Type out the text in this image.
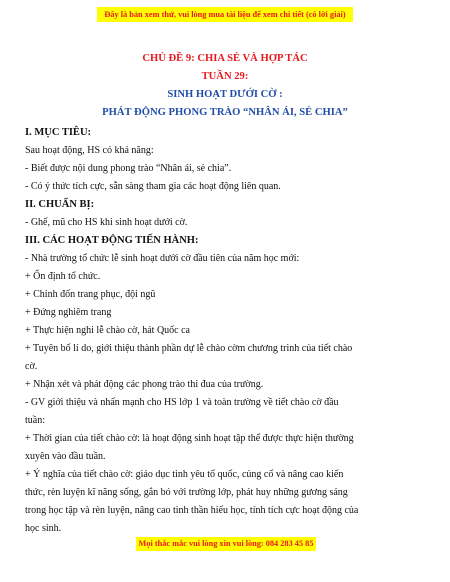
Đây là bản xem thử, vui lòng mua tài liệu để xem chi tiết (có lời giải)
CHỦ ĐỀ 9: CHIA SẺ VÀ HỢP TÁC
TUẦN 29:
SINH HOẠT DƯỚI CỜ :
PHÁT ĐỘNG PHONG TRÀO “NHÂN ÁI, SẺ CHIA”
I. MỤC TIÊU:
Sau hoạt động, HS có khả năng:
- Biết được nội dung phong trào “Nhân ái, sẻ chia”.
- Có ý thức tích cực, sẵn sàng tham gia các hoạt động liên quan.
II. CHUẨN BỊ:
- Ghế, mũ cho HS khi sinh hoạt dưới cờ.
III. CÁC HOẠT ĐỘNG TIẾN HÀNH:
- Nhà trường tổ chức lễ sinh hoạt dưới cờ đầu tiên của năm học mới:
+ Ổn định tổ chức.
+ Chỉnh đốn trang phục, đội ngũ
+ Đứng nghiêm trang
+ Thực hiện nghi lễ chào cờ, hát Quốc ca
+ Tuyên bố lí do, giới thiệu thành phần dự lễ chào cờm chương trình của tiết chào
cờ.
+ Nhận xét và phát động các phong trào thi đua của trường.
- GV giới thiệu và nhấn mạnh cho HS lớp 1 và toàn trường về tiết chào cờ đầu
tuần:
+ Thời gian của tiết chào cờ: là hoạt động sinh hoạt tập thể được thực hiện thường
xuyên vào đầu tuần.
+ Ý nghĩa của tiết chào cờ: giáo dục tinh yêu tổ quốc, củng cố và nâng cao kiến
thức, rèn luyện kĩ năng sống, gắn bó với trường lớp, phát huy những gương sáng
trong học tập và rèn luyện, nâng cao tinh thần hiếu học, tính tích cực hoạt động của
học sinh.
Mọi thắc mắc vui lòng xin vui lòng: 084 283 45 85
